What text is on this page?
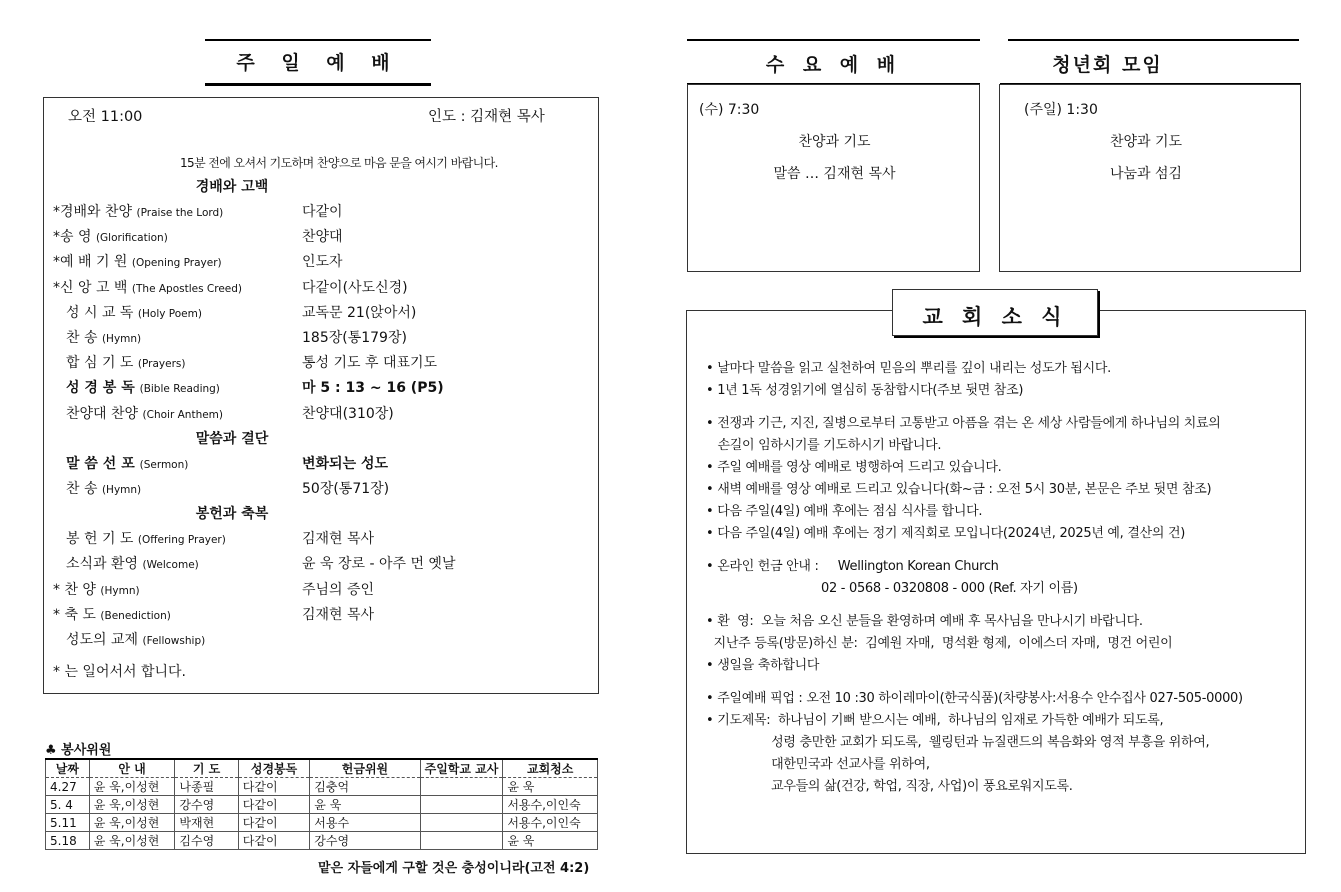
주 일 예 배
오전 11:00	인도 : 김재현 목사
15분 전에 오셔서 기도하며 찬양으로 마음 문을 여시기 바랍니다.
경배와 고백
*경배와 찬양 (Praise the Lord)	다같이
*송 영 (Glorification)	찬양대
*예 배 기 원 (Opening Prayer)	인도자
*신 앙 고 백 (The Apostles Creed)	다같이(사도신경)
성 시 교 독 (Holy Poem)	교독문 21(앉아서)
찬 송 (Hymn)	185장(통179장)
합 심 기 도 (Prayers)	통성 기도 후 대표기도
성 경 봉 독 (Bible Reading)	마 5 : 13 ~ 16 (P5)
찬양대 찬양 (Choir Anthem)	찬양대(310장)
말씀과 결단
말 씀 선 포 (Sermon)	변화되는 성도
찬 송 (Hymn)	50장(통71장)
봉헌과 축복
봉 헌 기 도 (Offering Prayer)	김재현 목사
소식과 환영 (Welcome)	윤 욱 장로 - 아주 먼 옛날
* 찬 양 (Hymn)	주님의 증인
* 축 도 (Benediction)	김재현 목사
성도의 교제 (Fellowship)
* 는 일어서서 합니다.
♣ 봉사위원
날짜	안 내	기 도	성경봉독	헌금위원	주일학교 교사	교회청소
4.27	윤 욱,이성현	나종필	다같이	김충억		윤 욱
5. 4	윤 욱,이성현	강수영	다같이	윤 욱		서용수,이인숙
5.11	윤 욱,이성현	박재현	다같이	서용수		서용수,이인숙
5.18	윤 욱,이성현	김수영	다같이	강수영		윤 욱
맡은 자들에게 구할 것은 충성이니라(고전 4:2)
수 요 예 배
(수) 7:30
찬양과 기도
말씀 … 김재현 목사
청년회 모임
(주일) 1:30
찬양과 기도
나눔과 섬김
교 회 소 식
• 날마다 말씀을 읽고 실천하여 믿음의 뿌리를 깊이 내리는 성도가 됩시다.
• 1년 1독 성경읽기에 열심히 동참합시다(주보 뒷면 참조)
• 전쟁과 기근, 지진, 질병으로부터 고통받고 아픔을 겪는 온 세상 사람들에게 하나님의 치료의
손길이 임하시기를 기도하시기 바랍니다.
• 주일 예배를 영상 예배로 병행하여 드리고 있습니다.
• 새벽 예배를 영상 예배로 드리고 있습니다(화~금 : 오전 5시 30분, 본문은 주보 뒷면 참조)
• 다음 주일(4일) 예배 후에는 점심 식사를 합니다.
• 다음 주일(4일) 예배 후에는 정기 제직회로 모입니다(2024년, 2025년 예, 결산의 건)
• 온라인 헌금 안내 :     Wellington Korean Church
02 - 0568 - 0320808 - 000 (Ref. 자기 이름)
• 환  영:  오늘 처음 오신 분들을 환영하며 예배 후 목사님을 만나시기 바랍니다.
지난주 등록(방문)하신 분:  김예원 자매,  명석환 형제,  이에스더 자매,  명건 어린이
• 생일을 축하합니다
• 주일예배 픽업 : 오전 10 :30 하이레마이(한국식품)(차량봉사:서용수 안수집사 027-505-0000)
• 기도제목:  하나님이 기뻐 받으시는 예배,  하나님의 임재로 가득한 예배가 되도록,
성령 충만한 교회가 되도록,  웰링턴과 뉴질랜드의 복음화와 영적 부흥을 위하여,
대한민국과 선교사를 위하여,
교우들의 삶(건강, 학업, 직장, 사업)이 풍요로워지도록.
